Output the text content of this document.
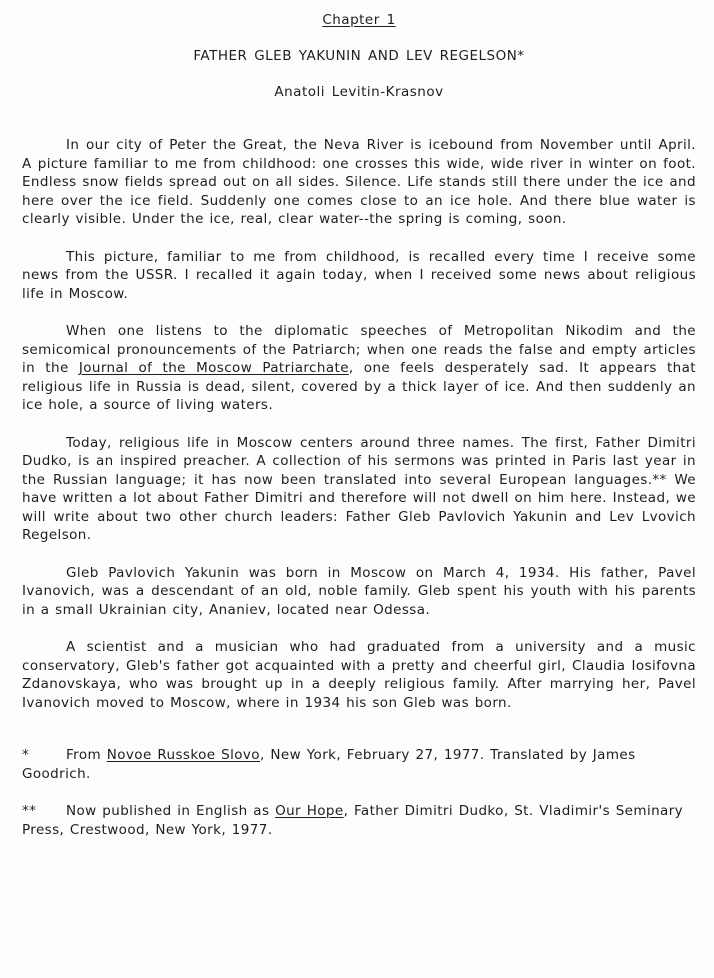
Chapter 1
FATHER GLEB YAKUNIN AND LEV REGELSON*
Anatoli Levitin-Krasnov

In our city of Peter the Great, the Neva River is icebound from November until April. A picture familiar to me from childhood: one crosses this wide, wide river in winter on foot. Endless snow fields spread out on all sides. Silence. Life stands still there under the ice and here over the ice field. Suddenly one comes close to an ice hole. And there blue water is clearly visible. Under the ice, real, clear water--the spring is coming, soon.

This picture, familiar to me from childhood, is recalled every time I receive some news from the USSR. I recalled it again today, when I received some news about religious life in Moscow.

When one listens to the diplomatic speeches of Metropolitan Nikodim and the semicomical pronouncements of the Patriarch; when one reads the false and empty articles in the Journal of the Moscow Patriarchate, one feels desperately sad. It appears that religious life in Russia is dead, silent, covered by a thick layer of ice. And then suddenly an ice hole, a source of living waters.

Today, religious life in Moscow centers around three names. The first, Father Dimitri Dudko, is an inspired preacher. A collection of his sermons was printed in Paris last year in the Russian language; it has now been translated into several European languages.** We have written a lot about Father Dimitri and therefore will not dwell on him here. Instead, we will write about two other church leaders: Father Gleb Pavlovich Yakunin and Lev Lvovich Regelson.

Gleb Pavlovich Yakunin was born in Moscow on March 4, 1934. His father, Pavel Ivanovich, was a descendant of an old, noble family. Gleb spent his youth with his parents in a small Ukrainian city, Ananiev, located near Odessa.

A scientist and a musician who had graduated from a university and a music conservatory, Gleb's father got acquainted with a pretty and cheerful girl, Claudia Iosifovna Zdanovskaya, who was brought up in a deeply religious family. After marrying her, Pavel Ivanovich moved to Moscow, where in 1934 his son Gleb was born.

*	From Novoe Russkoe Slovo, New York, February 27, 1977. Translated by James Goodrich.

** Now published in English as Our Hope, Father Dimitri Dudko, St. Vladimir's Seminary Press, Crestwood, New York, 1977.
